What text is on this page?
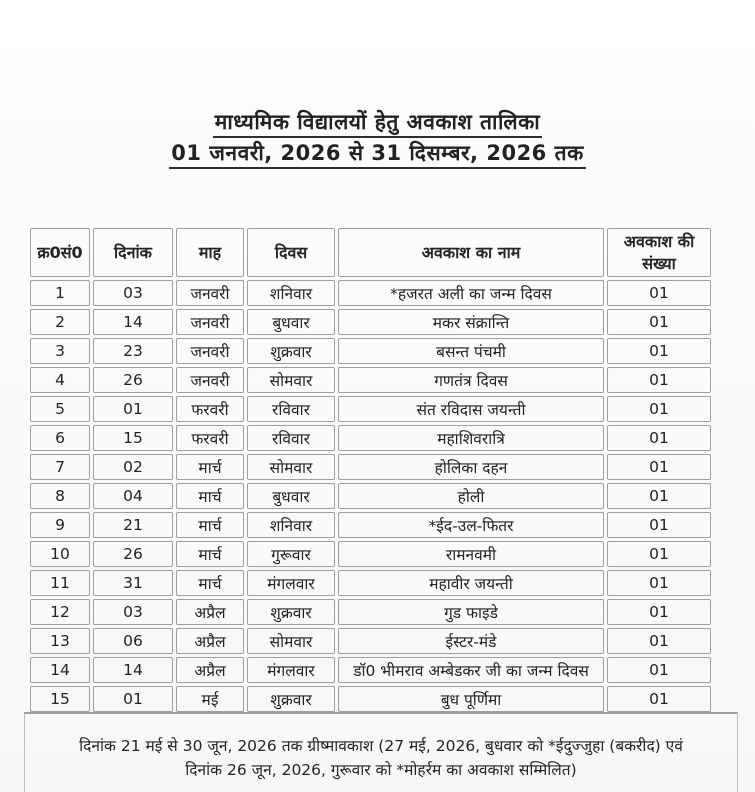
माध्यमिक विद्यालयों हेतु अवकाश तालिका
01 जनवरी, 2026 से 31 दिसम्बर, 2026 तक
क्र0सं0	दिनांक	माह	दिवस	अवकाश का नाम	अवकाश की संख्या
1	03	जनवरी	शनिवार	*हजरत अली का जन्म दिवस	01
2	14	जनवरी	बुधवार	मकर संक्रान्ति	01
3	23	जनवरी	शुक्रवार	बसन्त पंचमी	01
4	26	जनवरी	सोमवार	गणतंत्र दिवस	01
5	01	फरवरी	रविवार	संत रविदास जयन्ती	01
6	15	फरवरी	रविवार	महाशिवरात्रि	01
7	02	मार्च	सोमवार	होलिका दहन	01
8	04	मार्च	बुधवार	होली	01
9	21	मार्च	शनिवार	*ईद-उल-फितर	01
10	26	मार्च	गुरूवार	रामनवमी	01
11	31	मार्च	मंगलवार	महावीर जयन्ती	01
12	03	अप्रैल	शुक्रवार	गुड फाइडे	01
13	06	अप्रैल	सोमवार	ईस्टर-मंडे	01
14	14	अप्रैल	मंगलवार	डॉ0 भीमराव अम्बेडकर जी का जन्म दिवस	01
15	01	मई	शुक्रवार	बुध पूर्णिमा	01
दिनांक 21 मई से 30 जून, 2026 तक ग्रीष्मावकाश (27 मई, 2026, बुधवार को *ईदुज्जुहा (बकरीद) एवं
दिनांक 26 जून, 2026, गुरूवार को *मोहर्रम का अवकाश सम्मिलित)
